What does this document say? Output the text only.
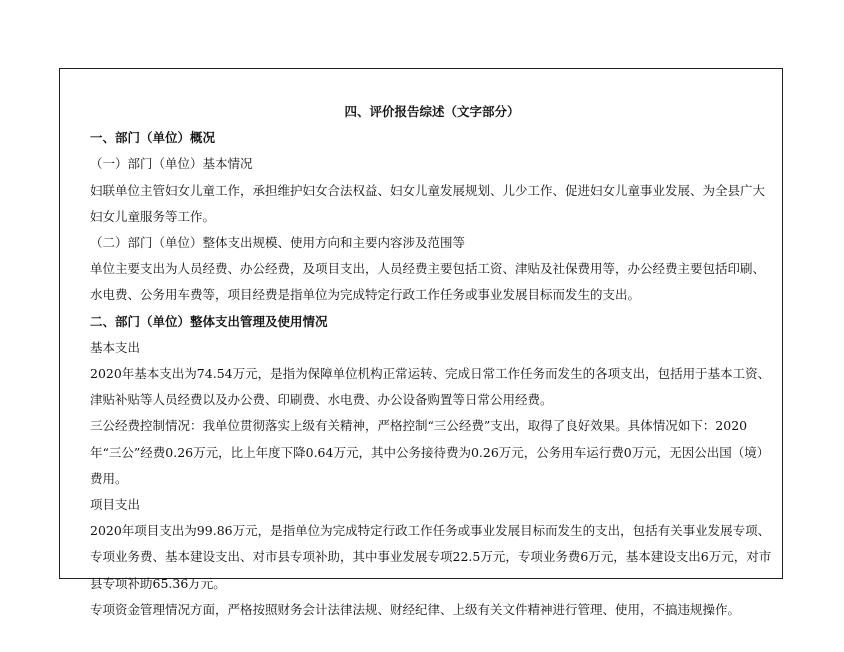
四、评价报告综述（文字部分）

一、部门（单位）概况

（一）部门（单位）基本情况

妇联单位主管妇女儿童工作，承担维护妇女合法权益、妇女儿童发展规划、儿少工作、促进妇女儿童事业发展、为全县广大妇女儿童服务等工作。

（二）部门（单位）整体支出规模、使用方向和主要内容涉及范围等

单位主要支出为人员经费、办公经费，及项目支出，人员经费主要包括工资、津贴及社保费用等，办公经费主要包括印刷、水电费、公务用车费等，项目经费是指单位为完成特定行政工作任务或事业发展目标而发生的支出。

二、部门（单位）整体支出管理及使用情况

基本支出

2020年基本支出为74.54万元，是指为保障单位机构正常运转、完成日常工作任务而发生的各项支出，包括用于基本工资、津贴补贴等人员经费以及办公费、印刷费、水电费、办公设备购置等日常公用经费。

三公经费控制情况：我单位贯彻落实上级有关精神，严格控制“三公经费”支出，取得了良好效果。具体情况如下：2020年“三公”经费0.26万元，比上年度下降0.64万元，其中公务接待费为0.26万元，公务用车运行费0万元，无因公出国（境）费用。

项目支出

2020年项目支出为99.86万元，是指单位为完成特定行政工作任务或事业发展目标而发生的支出，包括有关事业发展专项、专项业务费、基本建设支出、对市县专项补助，其中事业发展专项22.5万元，专项业务费6万元，基本建设支出6万元，对市县专项补助65.36万元。

专项资金管理情况方面，严格按照财务会计法律法规、财经纪律、上级有关文件精神进行管理、使用，不搞违规操作。
